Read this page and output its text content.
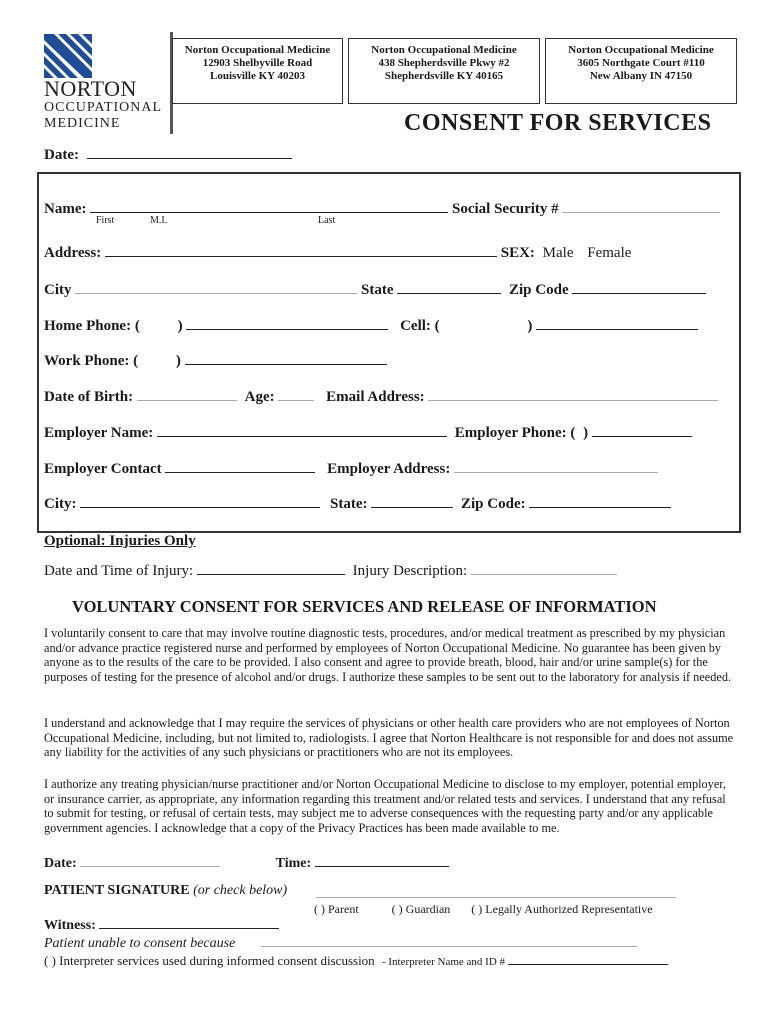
NORTON
OCCUPATIONAL
MEDICINE
Norton Occupational Medicine
12903 Shelbyville Road
Louisville KY 40203
Norton Occupational Medicine
438 Shepherdsville Pkwy #2
Shepherdsville KY 40165
Norton Occupational Medicine
3605 Northgate Court #110
New Albany IN 47150
CONSENT FOR SERVICES
Date:
Name:	Social Security #
First	M.I.	Last
Address:	SEX: Male Female
City	State	Zip Code
Home Phone: (	)	Cell: (	)
Work Phone: (	)
Date of Birth:	Age:	Email Address:
Employer Name:	Employer Phone: ( )
Employer Contact	Employer Address:
City:	State:	Zip Code:
Optional: Injuries Only
Date and Time of Injury:	Injury Description:
VOLUNTARY CONSENT FOR SERVICES AND RELEASE OF INFORMATION
I voluntarily consent to care that may involve routine diagnostic tests, procedures, and/or medical treatment as prescribed by my physician and/or advance practice registered nurse and performed by employees of Norton Occupational Medicine. No guarantee has been given by anyone as to the results of the care to be provided. I also consent and agree to provide breath, blood, hair and/or urine sample(s) for the purposes of testing for the presence of alcohol and/or drugs. I authorize these samples to be sent out to the laboratory for analysis if needed.
I understand and acknowledge that I may require the services of physicians or other health care providers who are not employees of Norton Occupational Medicine, including, but not limited to, radiologists. I agree that Norton Healthcare is not responsible for and does not assume any liability for the activities of any such physicians or practitioners who are not its employees.
I authorize any treating physician/nurse practitioner and/or Norton Occupational Medicine to disclose to my employer, potential employer, or insurance carrier, as appropriate, any information regarding this treatment and/or related tests and services. I understand that any refusal to submit for testing, or refusal of certain tests, may subject me to adverse consequences with the requesting party and/or any applicable government agencies. I acknowledge that a copy of the Privacy Practices has been made available to me.
Date:	Time:
PATIENT SIGNATURE (or check below)
( ) Parent	( ) Guardian ( ) Legally Authorized Representative
Witness:
Patient unable to consent because
( ) Interpreter services used during informed consent discussion - Interpreter Name and ID #
